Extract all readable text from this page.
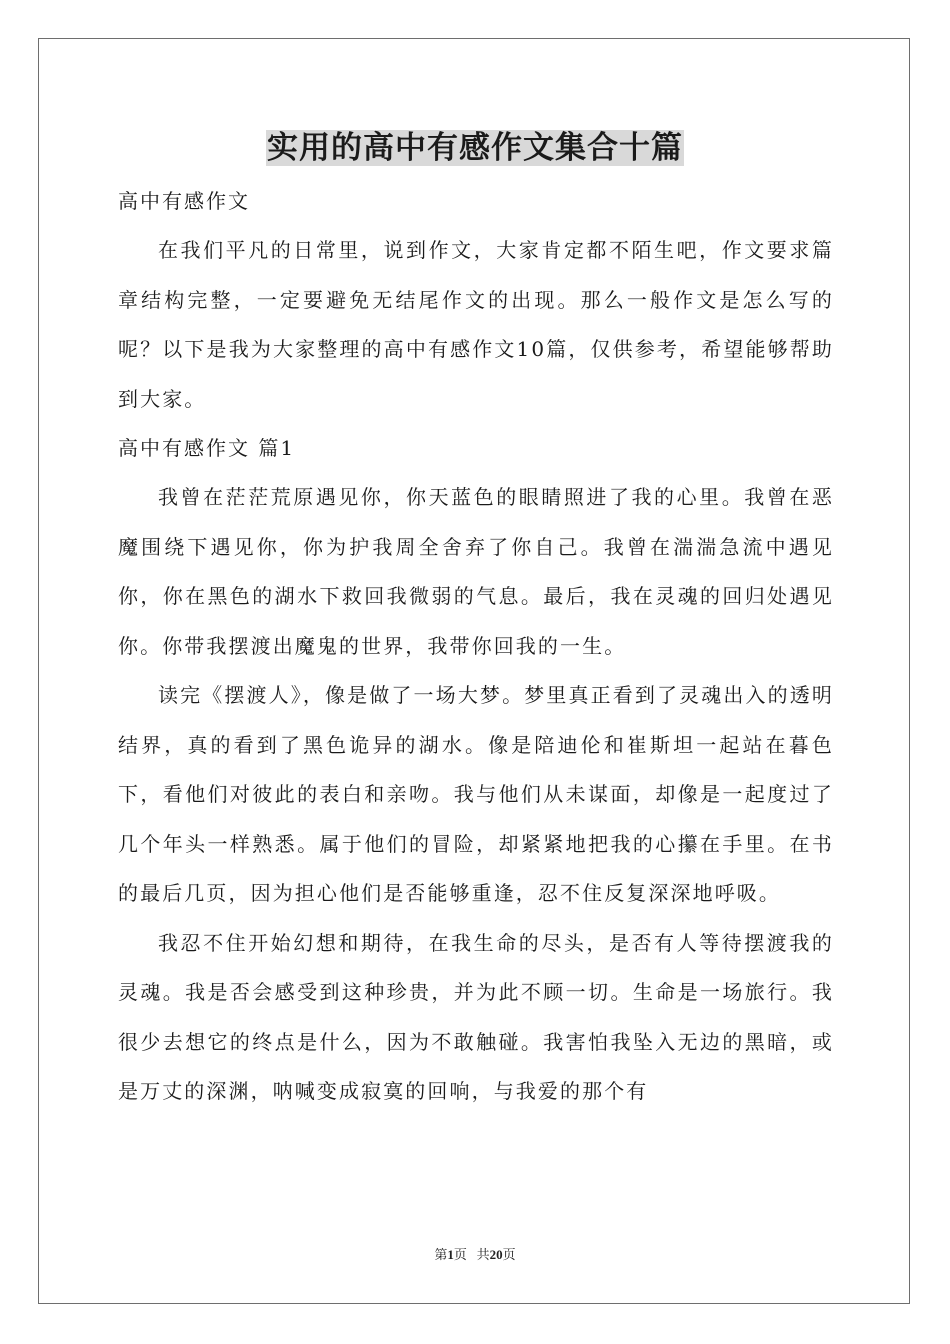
实用的高中有感作文集合十篇
高中有感作文

在我们平凡的日常里，说到作文，大家肯定都不陌生吧，作文要求篇章结构完整，一定要避免无结尾作文的出现。那么一般作文是怎么写的呢？以下是我为大家整理的高中有感作文10篇，仅供参考，希望能够帮助到大家。

高中有感作文 篇1

我曾在茫茫荒原遇见你，你天蓝色的眼睛照进了我的心里。我曾在恶魔围绕下遇见你，你为护我周全舍弃了你自己。我曾在湍湍急流中遇见你，你在黑色的湖水下救回我微弱的气息。最后，我在灵魂的回归处遇见你。你带我摆渡出魔鬼的世界，我带你回我的一生。

读完《摆渡人》，像是做了一场大梦。梦里真正看到了灵魂出入的透明结界，真的看到了黑色诡异的湖水。像是陪迪伦和崔斯坦一起站在暮色下，看他们对彼此的表白和亲吻。我与他们从未谋面，却像是一起度过了几个年头一样熟悉。属于他们的冒险，却紧紧地把我的心攥在手里。在书的最后几页，因为担心他们是否能够重逢，忍不住反复深深地呼吸。

我忍不住开始幻想和期待，在我生命的尽头，是否有人等待摆渡我的灵魂。我是否会感受到这种珍贵，并为此不顾一切。生命是一场旅行。我很少去想它的终点是什么，因为不敢触碰。我害怕我坠入无边的黑暗，或是万丈的深渊，呐喊变成寂寞的回响，与我爱的那个有

第1页 共20页
